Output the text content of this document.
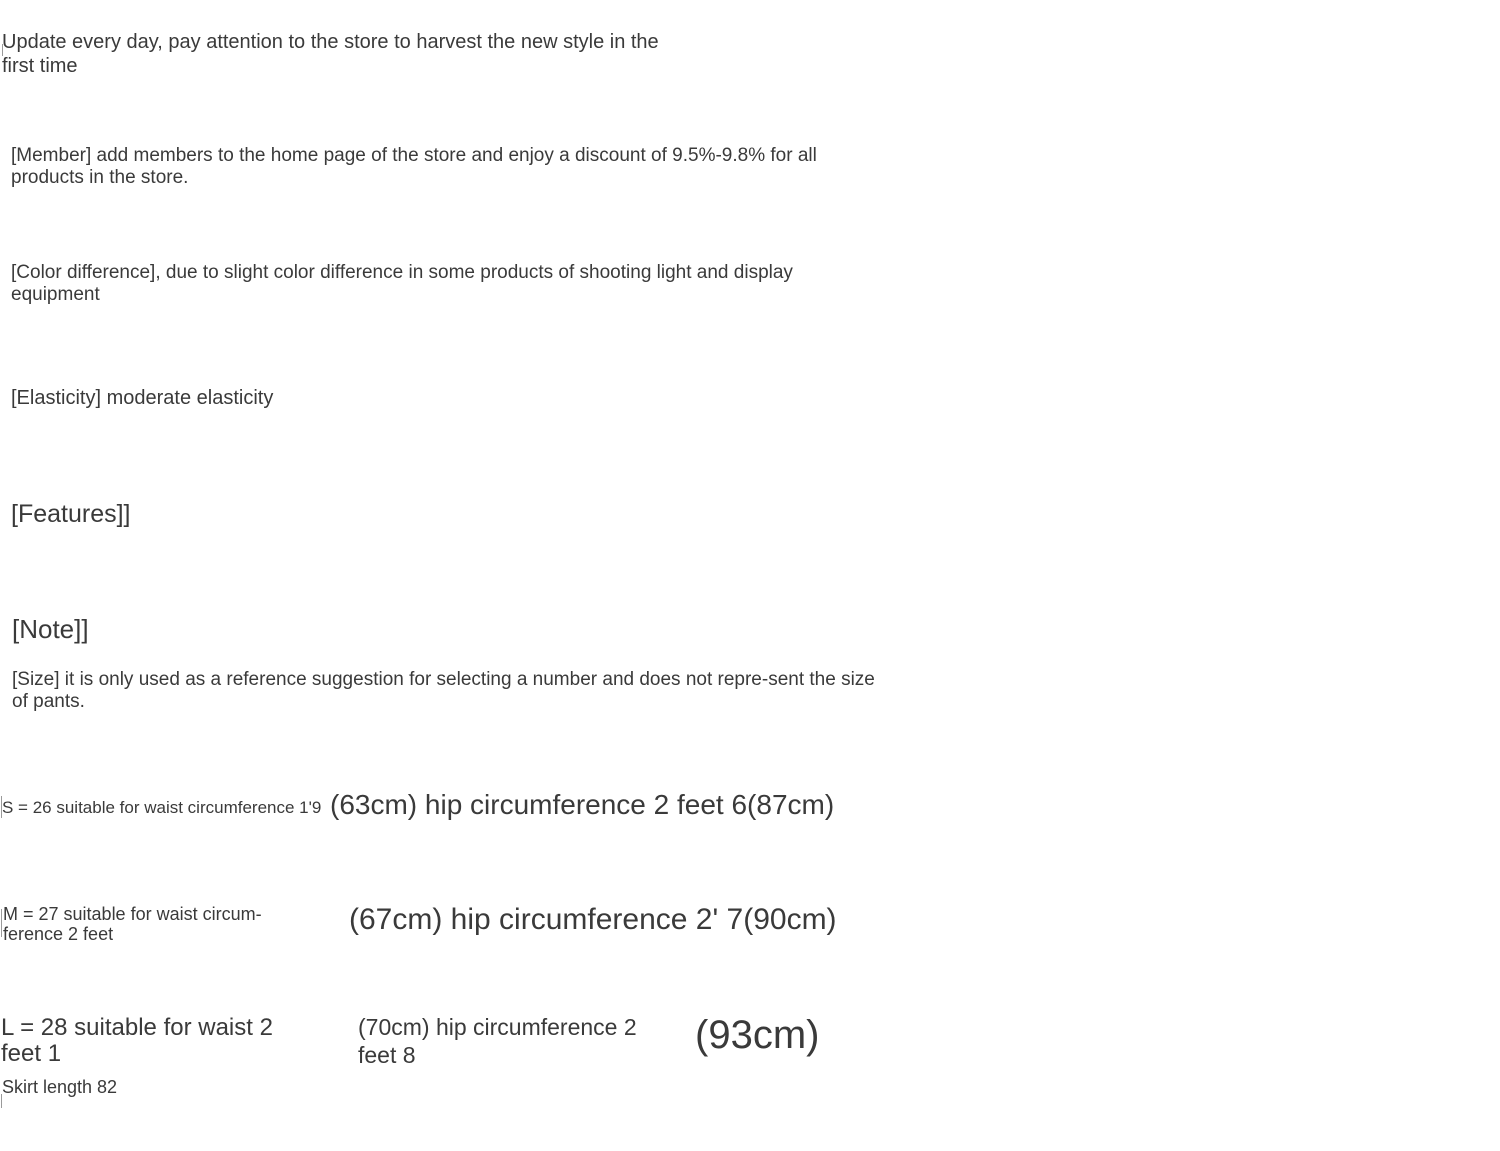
Update every day, pay attention to the store to harvest the new style in the first time
[Member] add members to the home page of the store and enjoy a discount of 9.5%-9.8% for all products in the store.
[Color difference], due to slight color difference in some products of shooting light and display equipment
[Elasticity] moderate elasticity
[Features]]
[Note]]
[Size] it is only used as a reference suggestion for selecting a number and does not repre-sent the size of pants.
S = 26 suitable for waist circumference 1'9 (63cm) hip circumference 2 feet 6(87cm)
M = 27 suitable for waist circum-ference 2 feet	(67cm) hip circumference 2' 7(90cm)
L = 28 suitable for waist 2 feet 1
(70cm) hip circumference 2 feet 8	(93cm)
Skirt length 82
